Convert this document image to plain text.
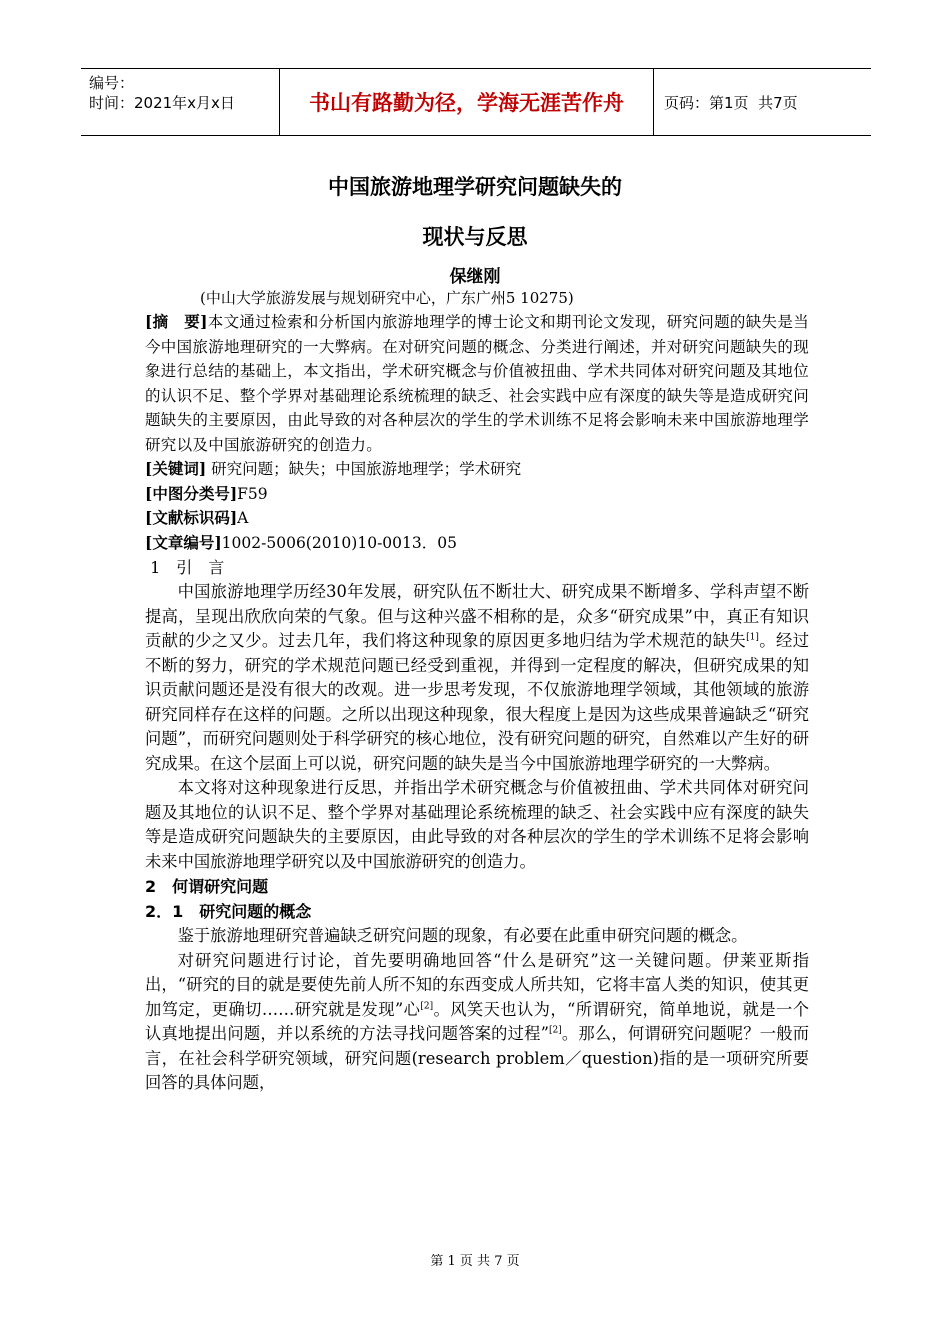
编号：
时间：2021年x月x日	书山有路勤为径，学海无涯苦作舟	页码：第1页  共7页
中国旅游地理学研究问题缺失的
现状与反思
保继刚
(中山大学旅游发展与规划研究中心，广东广州5 10275)

[摘　要]本文通过检索和分析国内旅游地理学的博士论文和期刊论文发现，研究问题的缺失是当今中国旅游地理研究的一大弊病。在对研究问题的概念、分类进行阐述，并对研究问题缺失的现象进行总结的基础上，本文指出，学术研究概念与价值被扭曲、学术共同体对研究问题及其地位的认识不足、整个学界对基础理论系统梳理的缺乏、社会实践中应有深度的缺失等是造成研究问题缺失的主要原因，由此导致的对各种层次的学生的学术训练不足将会影响未来中国旅游地理学研究以及中国旅游研究的创造力。

[关键词] 研究问题；缺失；中国旅游地理学；学术研究

[中图分类号]F59

[文献标识码]A

[文章编号]1002-5006(2010)10-0013．05

1　引　言

中国旅游地理学历经30年发展，研究队伍不断壮大、研究成果不断增多、学科声望不断提高，呈现出欣欣向荣的气象。但与这种兴盛不相称的是，众多“研究成果”中，真正有知识贡献的少之又少。过去几年，我们将这种现象的原因更多地归结为学术规范的缺失[1]。经过不断的努力，研究的学术规范问题已经受到重视，并得到一定程度的解决，但研究成果的知识贡献问题还是没有很大的改观。进一步思考发现，不仅旅游地理学领域，其他领域的旅游研究同样存在这样的问题。之所以出现这种现象，很大程度上是因为这些成果普遍缺乏“研究问题”，而研究问题则处于科学研究的核心地位，没有研究问题的研究，自然难以产生好的研究成果。在这个层面上可以说，研究问题的缺失是当今中国旅游地理学研究的一大弊病。

本文将对这种现象进行反思，并指出学术研究概念与价值被扭曲、学术共同体对研究问题及其地位的认识不足、整个学界对基础理论系统梳理的缺乏、社会实践中应有深度的缺失等是造成研究问题缺失的主要原因，由此导致的对各种层次的学生的学术训练不足将会影响未来中国旅游地理学研究以及中国旅游研究的创造力。

2　何谓研究问题

2．1　研究问题的概念

鉴于旅游地理研究普遍缺乏研究问题的现象，有必要在此重申研究问题的概念。

对研究问题进行讨论，首先要明确地回答“什么是研究”这一关键问题。伊莱亚斯指出，“研究的目的就是要使先前人所不知的东西变成人所共知，它将丰富人类的知识，使其更加笃定，更确切……研究就是发现”心[2]。风笑天也认为，“所谓研究，简单地说，就是一个认真地提出问题，并以系统的方法寻找问题答案的过程”[2]。那么，何谓研究问题呢？一般而言，在社会科学研究领域，研究问题(research problem／question)指的是一项研究所要回答的具体问题，

第 1 页 共 7 页
